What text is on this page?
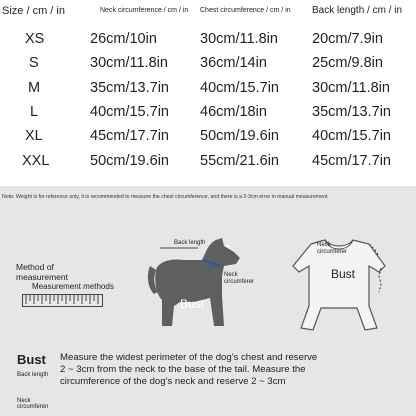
Size / cm / in	Neck circumference / cm / in Chest circumference / cm / in Back length / cm / in
XS	26cm/10in	30cm/11.8in 20cm/7.9in
S	30cm/11.8in 36cm/14in	25cm/9.8in
M	35cm/13.7in 40cm/15.7in 30cm/11.8in
L	40cm/15.7in 46cm/18in	35cm/13.7in
XL	45cm/17.7in 50cm/19.6in 40cm/15.7in
XXL	50cm/19.6in 55cm/21.6in 45cm/17.7in
Note: Weight is for reference only, it is recommended to measure the chest circumference, and there is a 2-3cm error in manual measurement.
Method of
measurement
Measurement methods
Back length
Neck
circumferer
Bust
Neck
circumferer
Bust
Bust
Back length
Neck
circumferen

Measure the widest perimeter of the dog's chest and reserve

2 ~ 3cm from the neck to the base of the tail. Measure the

circumference of the dog's neck and reserve 2 ~ 3cm
